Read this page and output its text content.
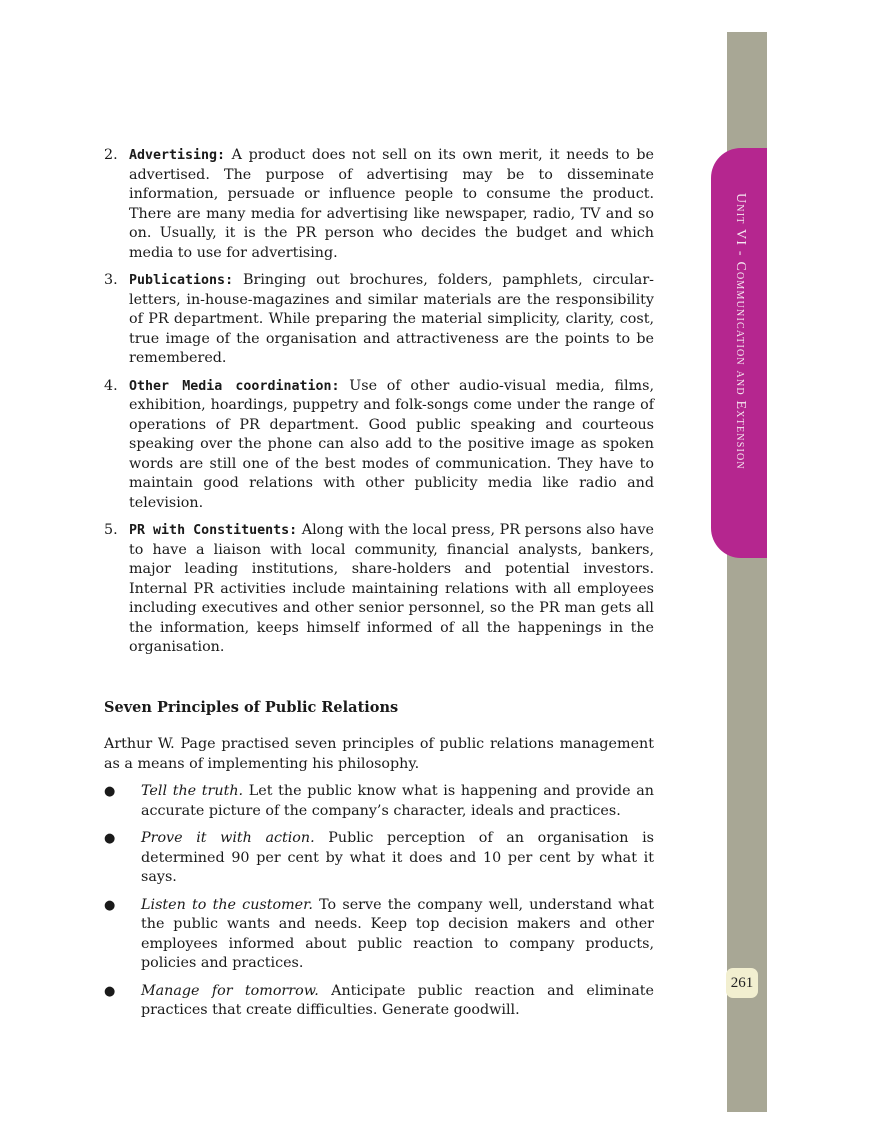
Unit VI - Communication and Extension
261
2. Advertising: A product does not sell on its own merit, it needs to be advertised. The purpose of advertising may be to disseminate information, persuade or influence people to consume the product. There are many media for advertising like newspaper, radio, TV and so on. Usually, it is the PR person who decides the budget and which media to use for advertising.
3. Publications: Bringing out brochures, folders, pamphlets, circular-letters, in-house-magazines and similar materials are the responsibility of PR department. While preparing the material simplicity, clarity, cost, true image of the organisation and attractiveness are the points to be remembered.
4. Other Media coordination: Use of other audio-visual media, films, exhibition, hoardings, puppetry and folk-songs come under the range of operations of PR department. Good public speaking and courteous speaking over the phone can also add to the positive image as spoken words are still one of the best modes of communication. They have to maintain good relations with other publicity media like radio and television.
5. PR with Constituents: Along with the local press, PR persons also have to have a liaison with local community, financial analysts, bankers, major leading institutions, share-holders and potential investors. Internal PR activities include maintaining relations with all employees including executives and other senior personnel, so the PR man gets all the information, keeps himself informed of all the happenings in the organisation.
Seven Principles of Public Relations

Arthur W. Page practised seven principles of public relations management as a means of implementing his philosophy.

● Tell the truth. Let the public know what is happening and provide an accurate picture of the company’s character, ideals and practices.
● Prove it with action. Public perception of an organisation is determined 90 per cent by what it does and 10 per cent by what it says.
● Listen to the customer. To serve the company well, understand what the public wants and needs. Keep top decision makers and other employees informed about public reaction to company products, policies and practices.
● Manage for tomorrow. Anticipate public reaction and eliminate practices that create difficulties. Generate goodwill.
